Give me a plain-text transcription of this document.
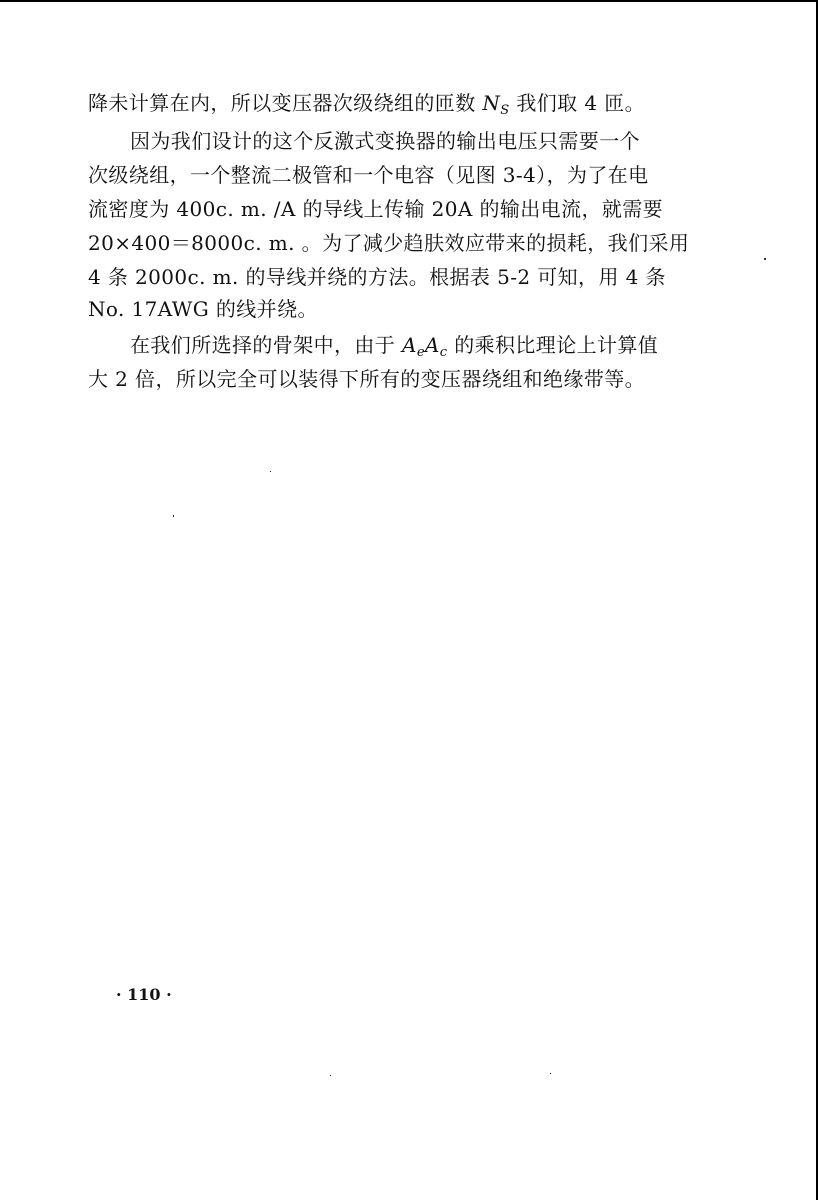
降未计算在内，所以变压器次级绕组的匝数 $N_S$ 我们取 4 匝。
因为我们设计的这个反激式变换器的输出电压只需要一个
次级绕组，一个整流二极管和一个电容（见图 3-4），为了在电
流密度为 400c. m. /A 的导线上传输 20A 的输出电流，就需要
20×400＝8000c. m. 。为了减少趋肤效应带来的损耗，我们采用
4 条 2000c. m. 的导线并绕的方法。根据表 5-2 可知，用 4 条
No. 17AWG 的线并绕。
在我们所选择的骨架中，由于 $A_eA_c$ 的乘积比理论上计算值
大 2 倍，所以完全可以装得下所有的变压器绕组和绝缘带等。
· 110 ·
